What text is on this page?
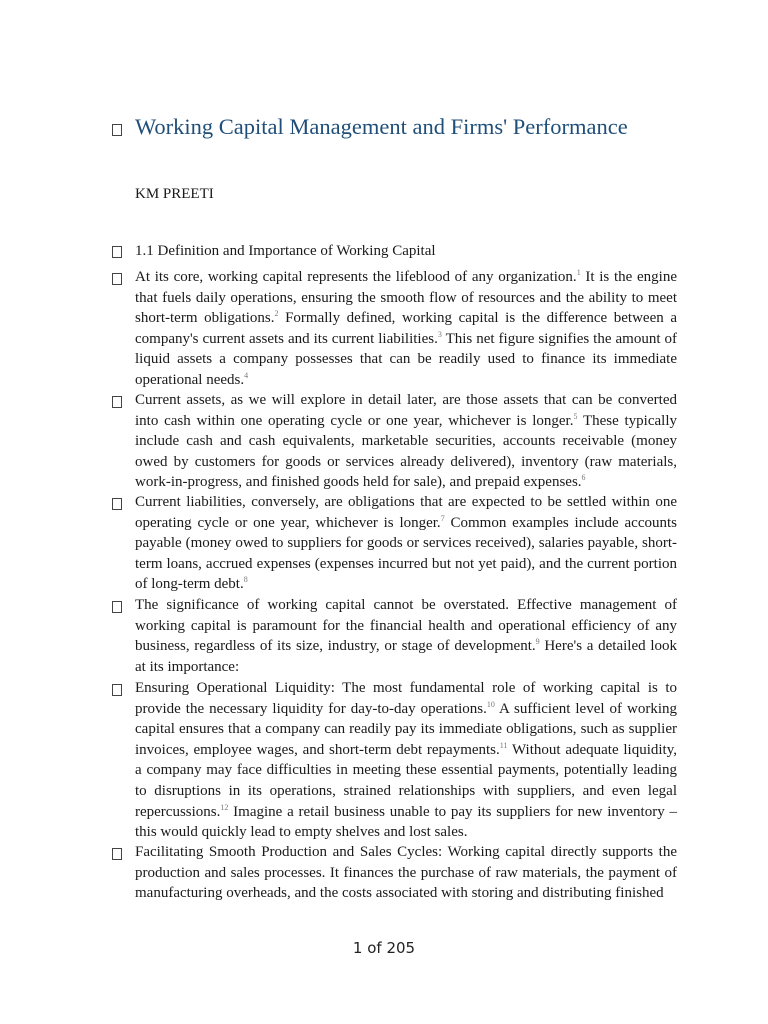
Working Capital Management and Firms' Performance
KM PREETI
1.1 Definition and Importance of Working Capital

At its core, working capital represents the lifeblood of any organization.$^1$ It is the engine that fuels daily operations, ensuring the smooth flow of resources and the ability to meet short-term obligations.$^2$ Formally defined, working capital is the difference between a company's current assets and its current liabilities.$^3$ This net figure signifies the amount of liquid assets a company possesses that can be readily used to finance its immediate operational needs.$^4$

Current assets, as we will explore in detail later, are those assets that can be converted into cash within one operating cycle or one year, whichever is longer.$^5$ These typically include cash and cash equivalents, marketable securities, accounts receivable (money owed by customers for goods or services already delivered), inventory (raw materials, work-in-progress, and finished goods held for sale), and prepaid expenses.$^6$

Current liabilities, conversely, are obligations that are expected to be settled within one operating cycle or one year, whichever is longer.$^7$ Common examples include accounts payable (money owed to suppliers for goods or services received), salaries payable, short-term loans, accrued expenses (expenses incurred but not yet paid), and the current portion of long-term debt.$^8$

The significance of working capital cannot be overstated. Effective management of working capital is paramount for the financial health and operational efficiency of any business, regardless of its size, industry, or stage of development.$^9$ Here's a detailed look at its importance:

Ensuring Operational Liquidity: The most fundamental role of working capital is to provide the necessary liquidity for day-to-day operations.$^{10}$ A sufficient level of working capital ensures that a company can readily pay its immediate obligations, such as supplier invoices, employee wages, and short-term debt repayments.$^{11}$ Without adequate liquidity, a company may face difficulties in meeting these essential payments, potentially leading to disruptions in its operations, strained relationships with suppliers, and even legal repercussions.$^{12}$ Imagine a retail business unable to pay its suppliers for new inventory – this would quickly lead to empty shelves and lost sales.

Facilitating Smooth Production and Sales Cycles: Working capital directly supports the production and sales processes. It finances the purchase of raw materials, the payment of manufacturing overheads, and the costs associated with storing and distributing finished

1 of 205
